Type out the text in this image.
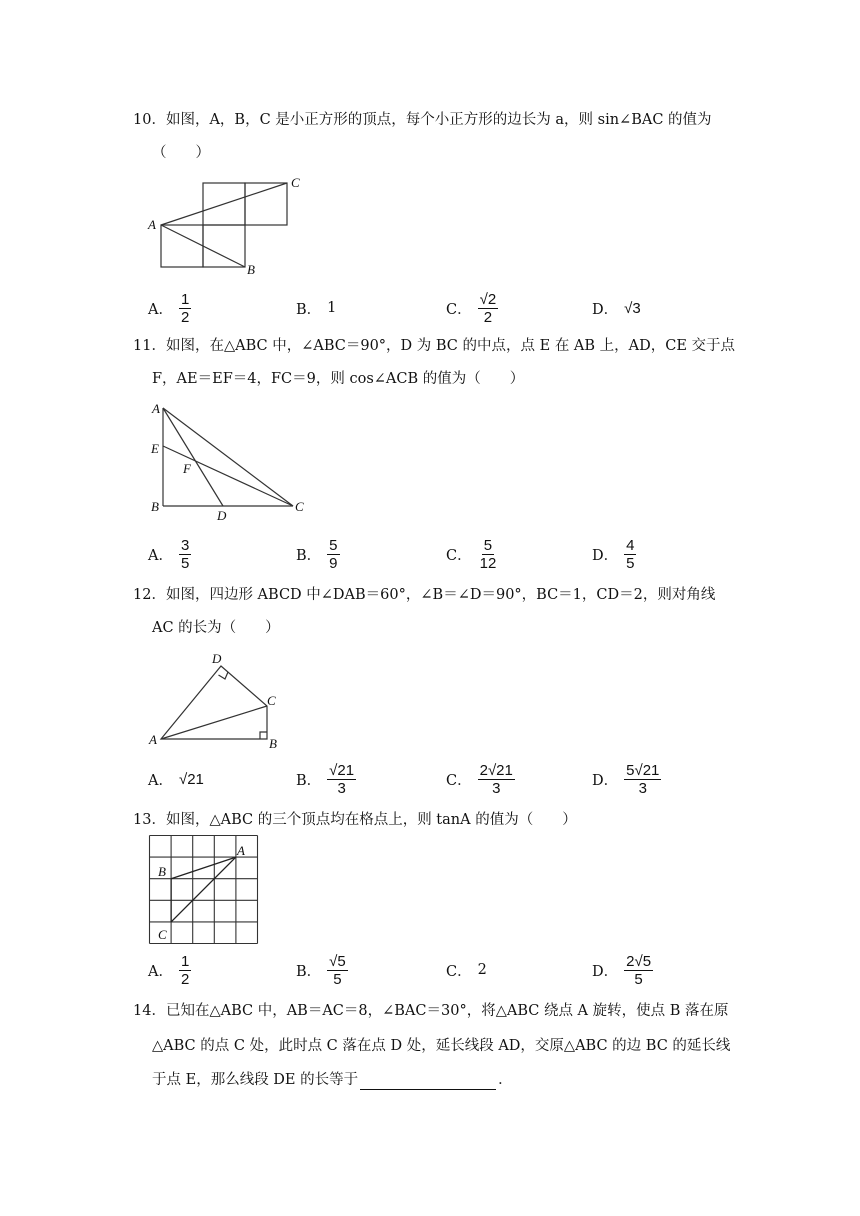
10．如图，A，B，C 是小正方形的顶点，每个小正方形的边长为 a，则 sin∠BAC 的值为
（　　）
A
B
C
A． $\frac{1}{2}$	B． 1	C． $\frac{√2}{2}$	D． √3
11．如图，在△ABC 中，∠ABC＝90°，D 为 BC 的中点，点 E 在 AB 上，AD，CE 交于点
F，AE＝EF＝4，FC＝9，则 cos∠ACB 的值为（　　）
A
E
F
B
D
C
A． $\frac{3}{5}$	B． $\frac{5}{9}$	C． $\frac{5}{12}$	D． $\frac{4}{5}$
12．如图，四边形 ABCD 中∠DAB＝60°，∠B＝∠D＝90°，BC＝1，CD＝2，则对角线
AC 的长为（　　）
A
D
C
B
A． √21	B． $\frac{√21}{3}$	C． $\frac{2√21}{3}$	D． $\frac{5√21}{3}$
13．如图，△ABC 的三个顶点均在格点上，则 tanA 的值为（　　）
A
B
C
A． $\frac{1}{2}$	B． $\frac{√5}{5}$	C． 2	D． $\frac{2√5}{5}$
14．已知在△ABC 中，AB＝AC＝8，∠BAC＝30°，将△ABC 绕点 A 旋转，使点 B 落在原
△ABC 的点 C 处，此时点 C 落在点 D 处，延长线段 AD，交原△ABC 的边 BC 的延长线
于点 E，那么线段 DE 的长等于	．
